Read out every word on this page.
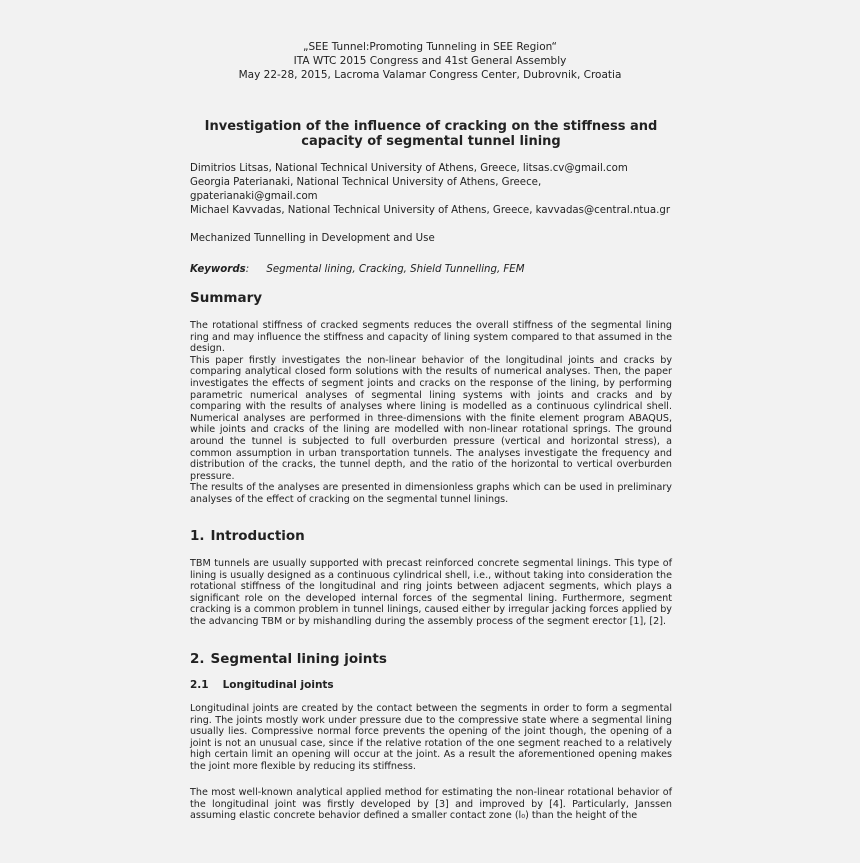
„SEE Tunnel:Promoting Tunneling in SEE Region“
ITA WTC 2015 Congress and 41st General Assembly
May 22-28, 2015, Lacroma Valamar Congress Center, Dubrovnik, Croatia
Investigation of the influence of cracking on the stiffness and capacity of segmental tunnel lining
Dimitrios Litsas, National Technical University of Athens, Greece, litsas.cv@gmail.com
Georgia Paterianaki, National Technical University of Athens, Greece, gpaterianaki@gmail.com
Michael Kavvadas, National Technical University of Athens, Greece, kavvadas@central.ntua.gr
Mechanized Tunnelling in Development and Use
Keywords: Segmental lining, Cracking, Shield Tunnelling, FEM
Summary

The rotational stiffness of cracked segments reduces the overall stiffness of the segmental lining ring and may influence the stiffness and capacity of lining system compared to that assumed in the design.

This paper firstly investigates the non-linear behavior of the longitudinal joints and cracks by comparing analytical closed form solutions with the results of numerical analyses. Then, the paper investigates the effects of segment joints and cracks on the response of the lining, by performing parametric numerical analyses of segmental lining systems with joints and cracks and by comparing with the results of analyses where lining is modelled as a continuous cylindrical shell. Numerical analyses are performed in three-dimensions with the finite element program ABAQUS, while joints and cracks of the lining are modelled with non-linear rotational springs. The ground around the tunnel is subjected to full overburden pressure (vertical and horizontal stress), a common assumption in urban transportation tunnels. The analyses investigate the frequency and distribution of the cracks, the tunnel depth, and the ratio of the horizontal to vertical overburden pressure.

The results of the analyses are presented in dimensionless graphs which can be used in preliminary analyses of the effect of cracking on the segmental tunnel linings.

1. Introduction
TBM tunnels are usually supported with precast reinforced concrete segmental linings. This type of lining is usually designed as a continuous cylindrical shell, i.e., without taking into consideration the rotational stiffness of the longitudinal and ring joints between adjacent segments, which plays a significant role on the developed internal forces of the segmental lining. Furthermore, segment cracking is a common problem in tunnel linings, caused either by irregular jacking forces applied by the advancing TBM or by mishandling during the assembly process of the segment erector [1], [2].
2. Segmental lining joints
2.1 Longitudinal joints
Longitudinal joints are created by the contact between the segments in order to form a segmental ring. The joints mostly work under pressure due to the compressive state where a segmental lining usually lies. Compressive normal force prevents the opening of the joint though, the opening of a joint is not an unusual case, since if the relative rotation of the one segment reached to a relatively high certain limit an opening will occur at the joint. As a result the aforementioned opening makes the joint more flexible by reducing its stiffness.
The most well-known analytical applied method for estimating the non-linear rotational behavior of the longitudinal joint was firstly developed by [3] and improved by [4]. Particularly, Janssen assuming elastic concrete behavior defined a smaller contact zone (l₀) than the height of the
